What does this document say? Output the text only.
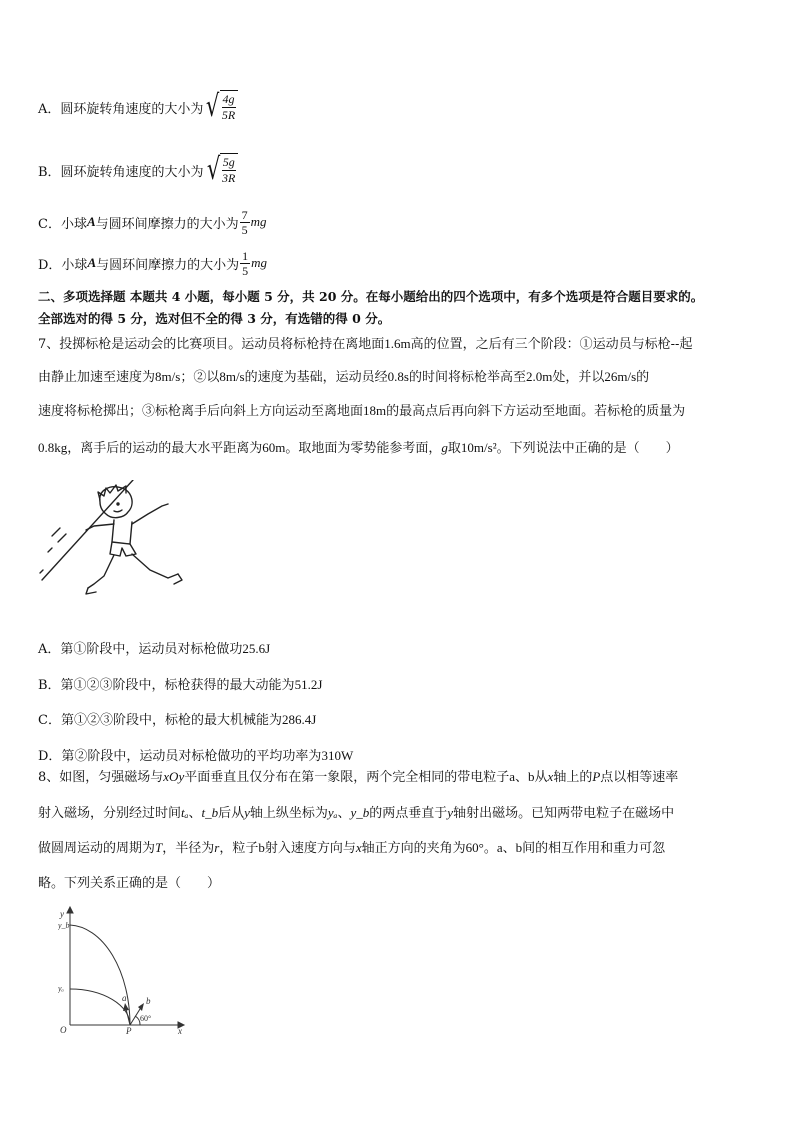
A．圆环旋转角速度的大小为 √ 4g
5R
B．圆环旋转角速度的大小为 √ 5g
3R
C．小球 A 与圆环间摩擦力的大小为 $\frac{7}{5}$ mg
D．小球 A 与圆环间摩擦力的大小为 $\frac{1}{5}$ mg
二、多项选择题 本题共 4 小题，每小题 5 分，共 20 分。在每小题给出的四个选项中，有多个选项是符合题目要求的。
全部选对的得 5 分，选对但不全的得 3 分，有选错的得 0 分。
7、投掷标枪是运动会的比赛项目。运动员将标枪持在离地面1.6m高的位置，之后有三个阶段：①运动员与标枪--起
由静止加速至速度为8m/s；②以8m/s的速度为基础，运动员经0.8s的时间将标枪举高至2.0m处，并以26m/s的
速度将标枪掷出；③标枪离手后向斜上方向运动至离地面18m的最高点后再向斜下方运动至地面。若标枪的质量为
0.8kg，离手后的运动的最大水平距离为60m。取地面为零势能参考面，g取10m/s²。下列说法中正确的是（　　）
A．第①阶段中，运动员对标枪做功25.6J
B．第①②③阶段中，标枪获得的最大动能为51.2J
C．第①②③阶段中，标枪的最大机械能为286.4J
D．第②阶段中，运动员对标枪做功的平均功率为310W
8、如图，匀强磁场与xOy平面垂直且仅分布在第一象限，两个完全相同的带电粒子a、b从x轴上的P点以相等速率
射入磁场，分别经过时间tₐ、t_b后从y轴上纵坐标为yₐ、y_b的两点垂直于y轴射出磁场。已知两带电粒子在磁场中
做圆周运动的周期为T，半径为r，粒子b射入速度方向与x轴正方向的夹角为60°。a、b间的相互作用和重力可忽
略。下列关系正确的是（　　）
y
y_b
yₐ
O	P	x
a b
60°
